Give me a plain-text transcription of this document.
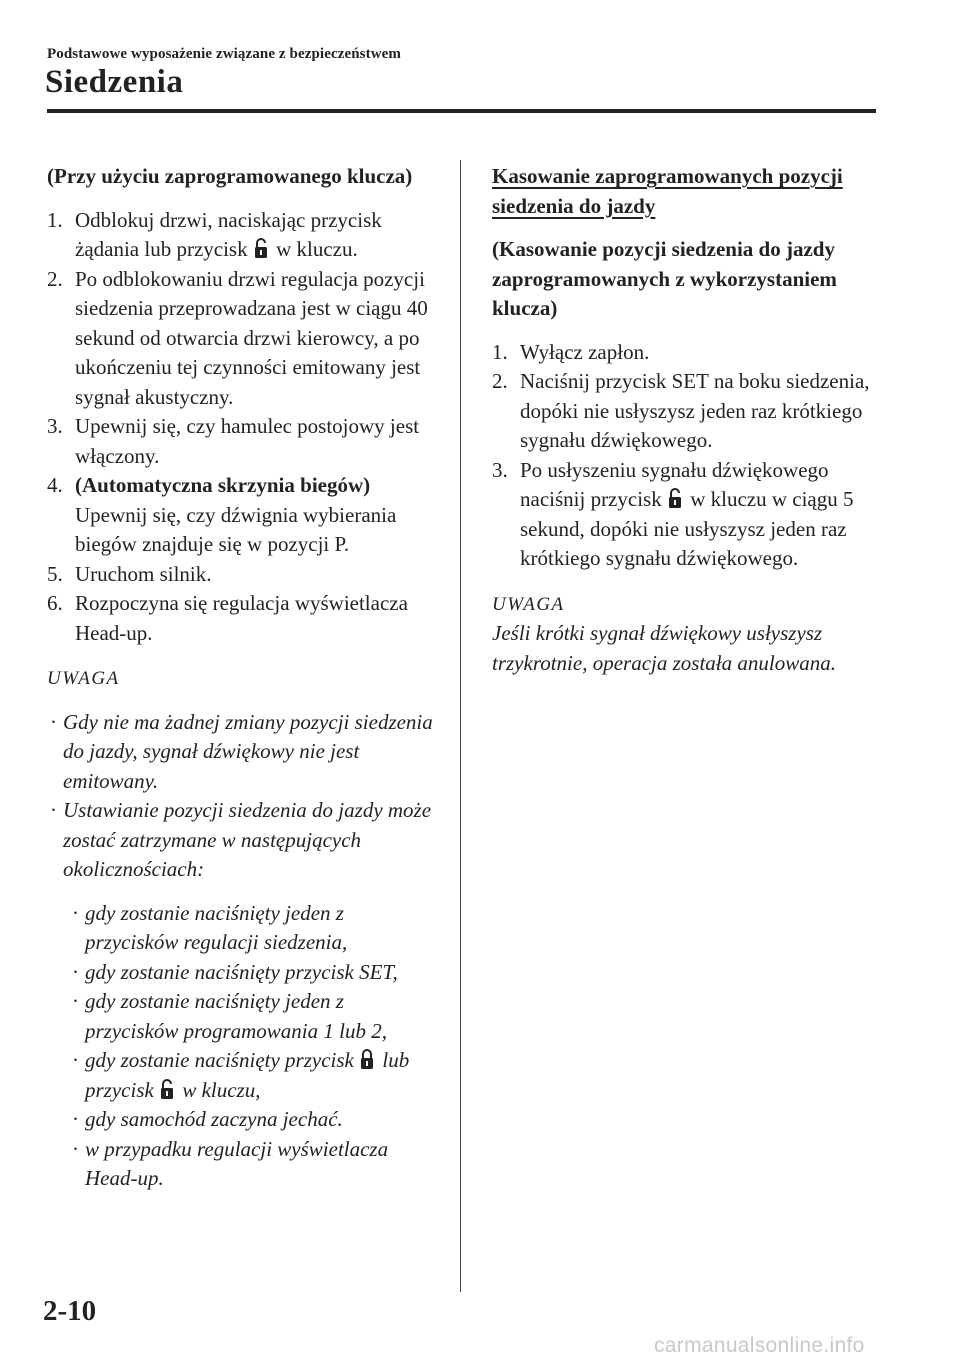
Podstawowe wyposażenie związane z bezpieczeństwem
Siedzenia
(Przy użyciu zaprogramowanego klucza)
1. Odblokuj drzwi, naciskając przycisk żądania lub przycisk w kluczu.
2. Po odblokowaniu drzwi regulacja pozycji siedzenia przeprowadzana jest w ciągu 40 sekund od otwarcia drzwi kierowcy, a po ukończeniu tej czynności emitowany jest sygnał akustyczny.
3. Upewnij się, czy hamulec postojowy jest włączony.
4. (Automatyczna skrzynia biegów)
Upewnij się, czy dźwignia wybierania biegów znajduje się w pozycji P.
5. Uruchom silnik.
6. Rozpoczyna się regulacja wyświetlacza Head-up.
UWAGA
· Gdy nie ma żadnej zmiany pozycji siedzenia do jazdy, sygnał dźwiękowy nie jest emitowany.
· Ustawianie pozycji siedzenia do jazdy może zostać zatrzymane w następujących okolicznościach:
· gdy zostanie naciśnięty jeden z przycisków regulacji siedzenia,
· gdy zostanie naciśnięty przycisk SET,
· gdy zostanie naciśnięty jeden z przycisków programowania 1 lub 2,
· gdy zostanie naciśnięty przycisk lub przycisk w kluczu,
· gdy samochód zaczyna jechać.
· w przypadku regulacji wyświetlacza Head-up.
Kasowanie zaprogramowanych pozycji siedzenia do jazdy
(Kasowanie pozycji siedzenia do jazdy zaprogramowanych z wykorzystaniem klucza)
1. Wyłącz zapłon.
2. Naciśnij przycisk SET na boku siedzenia, dopóki nie usłyszysz jeden raz krótkiego sygnału dźwiękowego.
3. Po usłyszeniu sygnału dźwiękowego naciśnij przycisk w kluczu w ciągu 5 sekund, dopóki nie usłyszysz jeden raz krótkiego sygnału dźwiękowego.
UWAGA
Jeśli krótki sygnał dźwiękowy usłyszysz trzykrotnie, operacja została anulowana.
2-10
carmanualsonline.info
